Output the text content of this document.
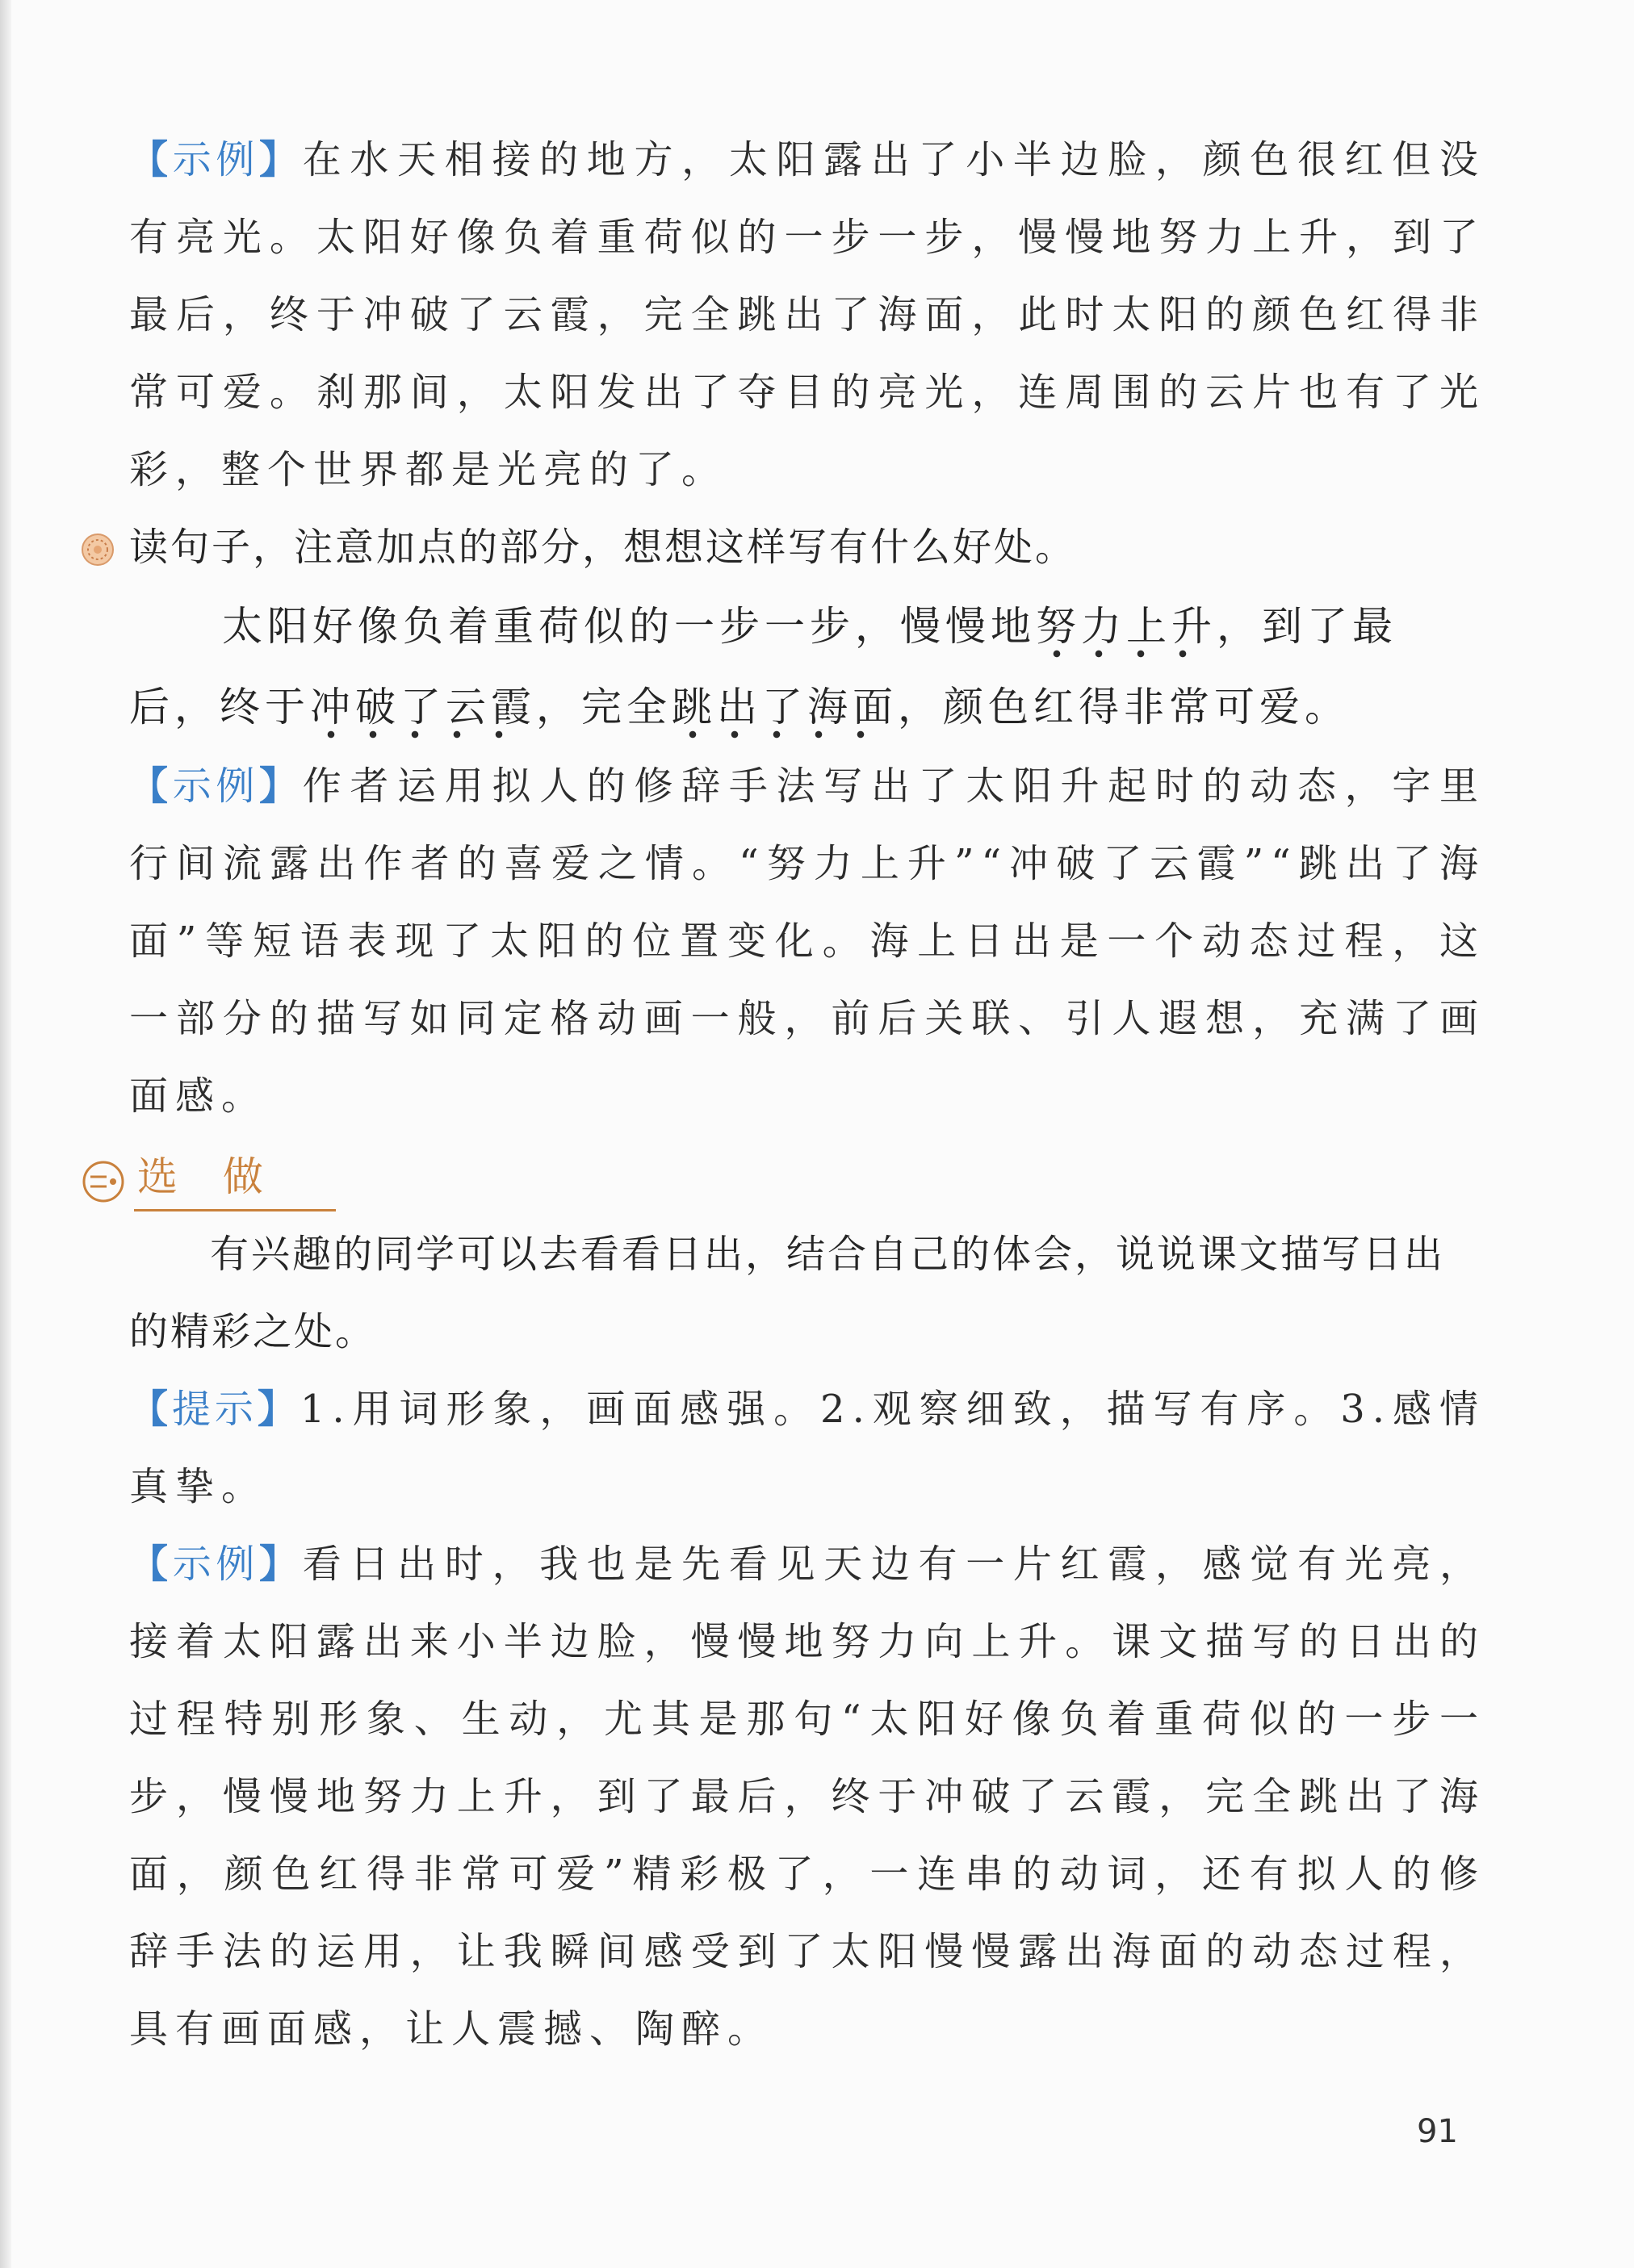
【示例】在水天相接的地方，太阳露出了小半边脸，颜色很红但没有亮光。太阳好像负着重荷似的一步一步，慢慢地努力上升，到了最后，终于冲破了云霞，完全跳出了海面，此时太阳的颜色红得非常可爱。刹那间，太阳发出了夺目的亮光，连周围的云片也有了光彩，整个世界都是光亮的了。

读句子，注意加点的部分，想想这样写有什么好处。

太阳好像负着重荷似的一步一步，慢慢地努力上升，到了最后，终于冲破了云霞，完全跳出了海面，颜色红得非常可爱。

【示例】作者运用拟人的修辞手法写出了太阳升起时的动态，字里行间流露出作者的喜爱之情。“努力上升”“冲破了云霞”“跳出了海面”等短语表现了太阳的位置变化。海上日出是一个动态过程，这一部分的描写如同定格动画一般，前后关联、引人遐想，充满了画面感。

选 做

有兴趣的同学可以去看看日出，结合自己的体会，说说课文描写日出的精彩之处。

【提示】1.用词形象，画面感强。2.观察细致，描写有序。3.感情真挚。

【示例】看日出时，我也是先看见天边有一片红霞，感觉有光亮，接着太阳露出来小半边脸，慢慢地努力向上升。课文描写的日出的过程特别形象、生动，尤其是那句“太阳好像负着重荷似的一步一步，慢慢地努力上升，到了最后，终于冲破了云霞，完全跳出了海面，颜色红得非常可爱”精彩极了，一连串的动词，还有拟人的修辞手法的运用，让我瞬间感受到了太阳慢慢露出海面的动态过程，具有画面感，让人震撼、陶醉。

91
